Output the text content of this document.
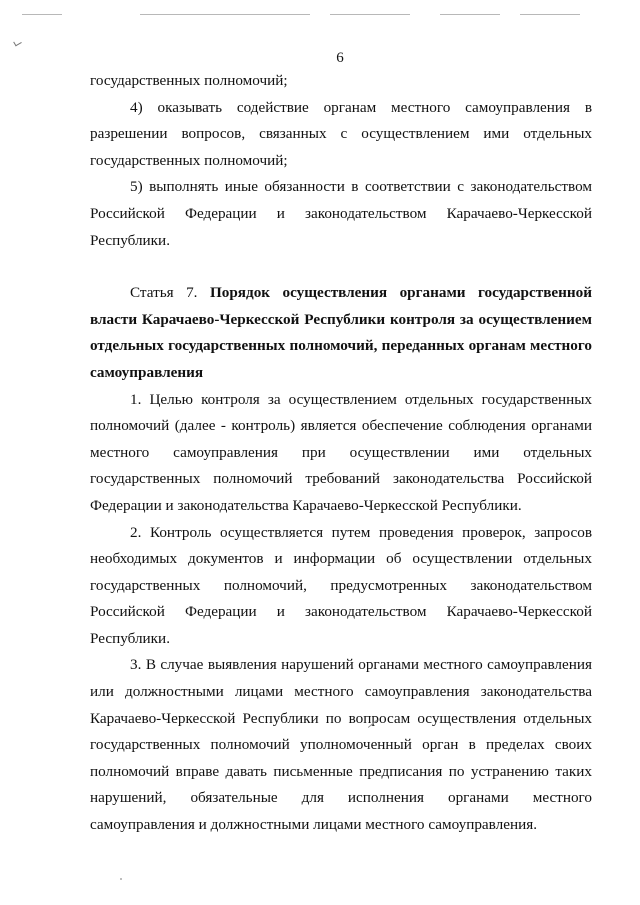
6

государственных полномочий;

4) оказывать содействие органам местного самоуправления в разрешении вопросов, связанных с осуществлением ими отдельных государственных полномочий;

5) выполнять иные обязанности в соответствии с законодательством Российской Федерации и законодательством Карачаево-Черкесской Республики.

Статья 7. Порядок осуществления органами государственной власти Карачаево-Черкесской Республики контроля за осуществлением отдельных государственных полномочий, переданных органам местного самоуправления

1. Целью контроля за осуществлением отдельных государственных полномочий (далее - контроль) является обеспечение соблюдения органами местного самоуправления при осуществлении ими отдельных государственных полномочий требований законодательства Российской Федерации и законодательства Карачаево-Черкесской Республики.

2. Контроль осуществляется путем проведения проверок, запросов необходимых документов и информации об осуществлении отдельных государственных полномочий, предусмотренных законодательством Российской Федерации и законодательством Карачаево-Черкесской Республики.

3. В случае выявления нарушений органами местного самоуправления или должностными лицами местного самоуправления законодательства Карачаево-Черкесской Республики по вопросам осуществления отдельных государственных полномочий уполномоченный орган в пределах своих полномочий вправе давать письменные предписания по устранению таких нарушений, обязательные для исполнения органами местного самоуправления и должностными лицами местного самоуправления.
